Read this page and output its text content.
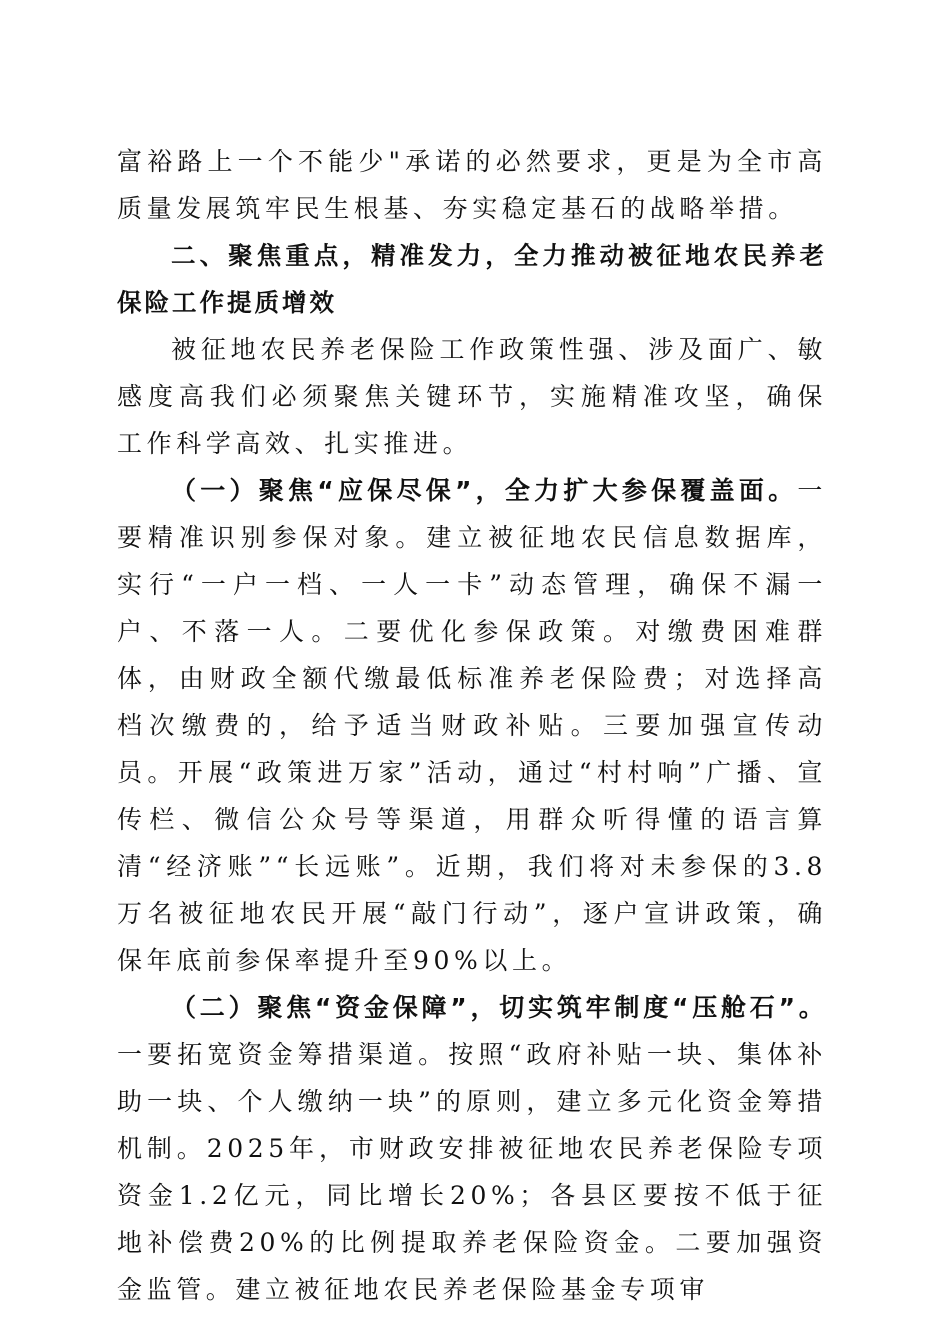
富裕路上一个不能少"承诺的必然要求，更是为全市高质量发展筑牢民生根基、夯实稳定基石的战略举措。

二、聚焦重点，精准发力，全力推动被征地农民养老保险工作提质增效

被征地农民养老保险工作政策性强、涉及面广、敏感度高我们必须聚焦关键环节，实施精准攻坚，确保工作科学高效、扎实推进。

（一）聚焦“应保尽保”，全力扩大参保覆盖面。一要精准识别参保对象。建立被征地农民信息数据库，实行“一户一档、一人一卡”动态管理，确保不漏一户、不落一人。二要优化参保政策。对缴费困难群体，由财政全额代缴最低标准养老保险费；对选择高档次缴费的，给予适当财政补贴。三要加强宣传动员。开展“政策进万家”活动，通过“村村响”广播、宣传栏、微信公众号等渠道，用群众听得懂的语言算清“经济账”“长远账”。近期，我们将对未参保的3.8万名被征地农民开展“敲门行动”，逐户宣讲政策，确保年底前参保率提升至90%以上。

（二）聚焦“资金保障”，切实筑牢制度“压舱石”。一要拓宽资金筹措渠道。按照“政府补贴一块、集体补助一块、个人缴纳一块”的原则，建立多元化资金筹措机制。2025年，市财政安排被征地农民养老保险专项资金1.2亿元，同比增长20%；各县区要按不低于征地补偿费20%的比例提取养老保险资金。二要加强资金监管。建立被征地农民养老保险基金专项审
